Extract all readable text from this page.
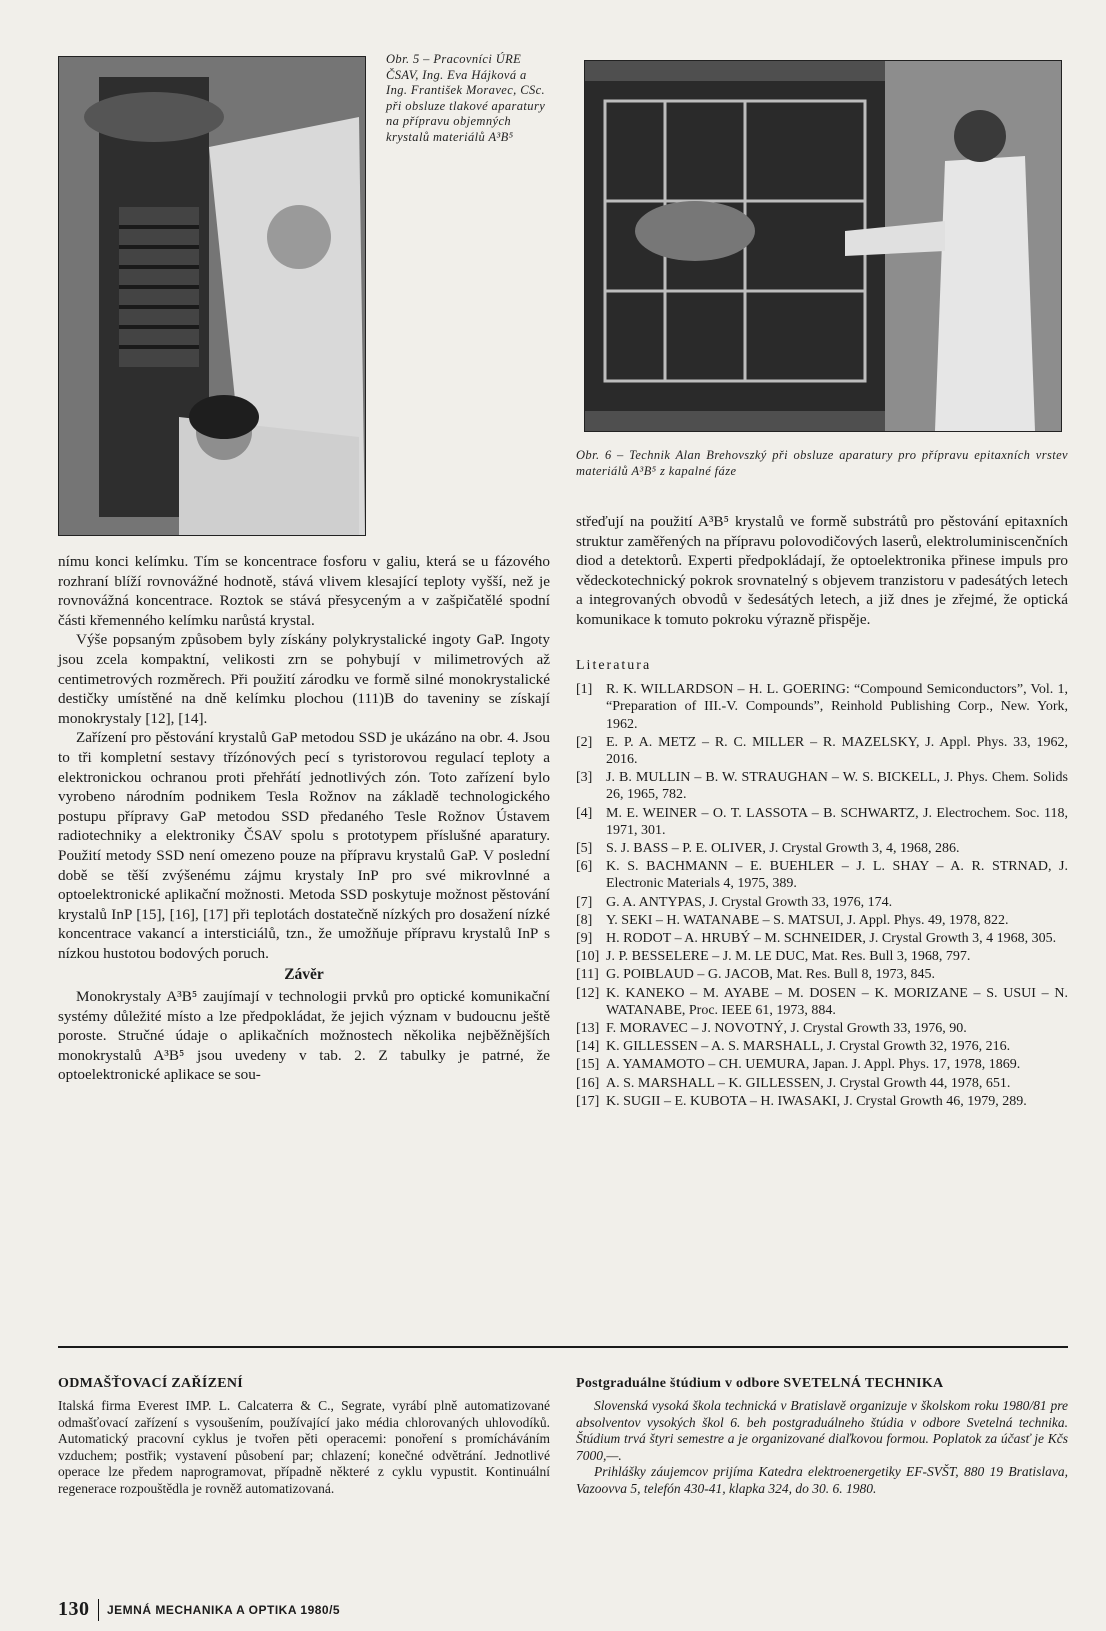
Obr. 5 – Pracovníci ÚRE ČSAV, Ing. Eva Hájková a Ing. František Moravec, CSc. při obsluze tlakové aparatury na přípravu objemných krystalů materiálů A³B⁵
Obr. 6 – Technik Alan Brehovszký při obsluze aparatury pro přípravu epitaxních vrstev materiálů A³B⁵ z kapalné fáze

nímu konci kelímku. Tím se koncentrace fosforu v galiu, která se u fázového rozhraní blíží rovnovážné hodnotě, stává vlivem klesající teploty vyšší, než je rovnovážná koncentrace. Roztok se stává přesyceným a v zašpičatělé spodní části křemenného kelímku narůstá krystal.

Výše popsaným způsobem byly získány polykrystalické ingoty GaP. Ingoty jsou zcela kompaktní, velikosti zrn se pohybují v milimetrových až centimetrových rozměrech. Při použití zárodku ve formě silné monokrystalické destičky umístěné na dně kelímku plochou (111)B do taveniny se získají monokrystaly [12], [14].

Zařízení pro pěstování krystalů GaP metodou SSD je ukázáno na obr. 4. Jsou to tři kompletní sestavy třízónových pecí s tyristorovou regulací teploty a elektronickou ochranou proti přehřátí jednotlivých zón. Toto zařízení bylo vyrobeno národním podnikem Tesla Rožnov na základě technologického postupu přípravy GaP metodou SSD předaného Tesle Rožnov Ústavem radiotechniky a elektroniky ČSAV spolu s prototypem příslušné aparatury. Použití metody SSD není omezeno pouze na přípravu krystalů GaP. V poslední době se těší zvýšenému zájmu krystaly InP pro své mikrovlnné a optoelektronické aplikační možnosti. Metoda SSD poskytuje možnost pěstování krystalů InP [15], [16], [17] při teplotách dostatečně nízkých pro dosažení nízké koncentrace vakancí a intersticiálů, tzn., že umožňuje přípravu krystalů InP s nízkou hustotou bodových poruch.

Závěr

Monokrystaly A³B⁵ zaujímají v technologii prvků pro optické komunikační systémy důležité místo a lze předpokládat, že jejich význam v budoucnu ještě poroste. Stručné údaje o aplikačních možnostech několika nejběžnějších monokrystalů A³B⁵ jsou uvedeny v tab. 2. Z tabulky je patrné, že optoelektronické aplikace se sou-

střeďují na použití A³B⁵ krystalů ve formě substrátů pro pěstování epitaxních struktur zaměřených na přípravu polovodičových laserů, elektroluminiscenčních diod a detektorů. Experti předpokládají, že optoelektronika přinese impuls pro vědeckotechnický pokrok srovnatelný s objevem tranzistoru v padesátých letech a integrovaných obvodů v šedesátých letech, a již dnes je zřejmé, že optická komunikace k tomuto pokroku výrazně přispěje.

Literatura
[1] R. K. WILLARDSON – H. L. GOERING: “Compound Semiconductors”, Vol. 1, “Preparation of III.-V. Compounds”, Reinhold Publishing Corp., New. York, 1962.
[2] E. P. A. METZ – R. C. MILLER – R. MAZELSKY, J. Appl. Phys. 33, 1962, 2016.
[3] J. B. MULLIN – B. W. STRAUGHAN – W. S. BICKELL, J. Phys. Chem. Solids 26, 1965, 782.
[4] M. E. WEINER – O. T. LASSOTA – B. SCHWARTZ, J. Electrochem. Soc. 118, 1971, 301.
[5] S. J. BASS – P. E. OLIVER, J. Crystal Growth 3, 4, 1968, 286.
[6] K. S. BACHMANN – E. BUEHLER – J. L. SHAY – A. R. STRNAD, J. Electronic Materials 4, 1975, 389.
[7] G. A. ANTYPAS, J. Crystal Growth 33, 1976, 174.
[8] Y. SEKI – H. WATANABE – S. MATSUI, J. Appl. Phys. 49, 1978, 822.
[9] H. RODOT – A. HRUBÝ – M. SCHNEIDER, J. Crystal Growth 3, 4 1968, 305.
[10] J. P. BESSELERE – J. M. LE DUC, Mat. Res. Bull 3, 1968, 797.
[11] G. POIBLAUD – G. JACOB, Mat. Res. Bull 8, 1973, 845.
[12] K. KANEKO – M. AYABE – M. DOSEN – K. MORIZANE – S. USUI – N. WATANABE, Proc. IEEE 61, 1973, 884.
[13] F. MORAVEC – J. NOVOTNÝ, J. Crystal Growth 33, 1976, 90.
[14] K. GILLESSEN – A. S. MARSHALL, J. Crystal Growth 32, 1976, 216.
[15] A. YAMAMOTO – CH. UEMURA, Japan. J. Appl. Phys. 17, 1978, 1869.
[16] A. S. MARSHALL – K. GILLESSEN, J. Crystal Growth 44, 1978, 651.
[17] K. SUGII – E. KUBOTA – H. IWASAKI, J. Crystal Growth 46, 1979, 289.
ODMAŠŤOVACÍ ZAŘÍZENÍ

Italská firma Everest IMP. L. Calcaterra & C., Segrate, vyrábí plně automatizované odmašťovací zařízení s vysoušením, používající jako média chlorovaných uhlovodíků. Automatický pracovní cyklus je tvořen pěti operacemi: ponoření s promícháváním vzduchem; postřik; vystavení působení par; chlazení; konečné odvětrání. Jednotlivé operace lze předem naprogramovat, případně některé z cyklu vypustit. Kontinuální regenerace rozpouštědla je rovněž automatizovaná.

Postgraduálne štúdium v odbore SVETELNÁ TECHNIKA

Slovenská vysoká škola technická v Bratislavě organizuje v školskom roku 1980/81 pre absolventov vysokých škol 6. beh postgraduálneho štúdia v odbore Svetelná technika. Štúdium trvá štyri semestre a je organizované diaľkovou formou. Poplatok za účasť je Kčs 7000,—.

Prihlášky záujemcov prijíma Katedra elektroenergetiky EF-SVŠT, 880 19 Bratislava, Vazoovva 5, telefón 430-41, klapka 324, do 30. 6. 1980.

130 JEMNÁ MECHANIKA A OPTIKA 1980/5
